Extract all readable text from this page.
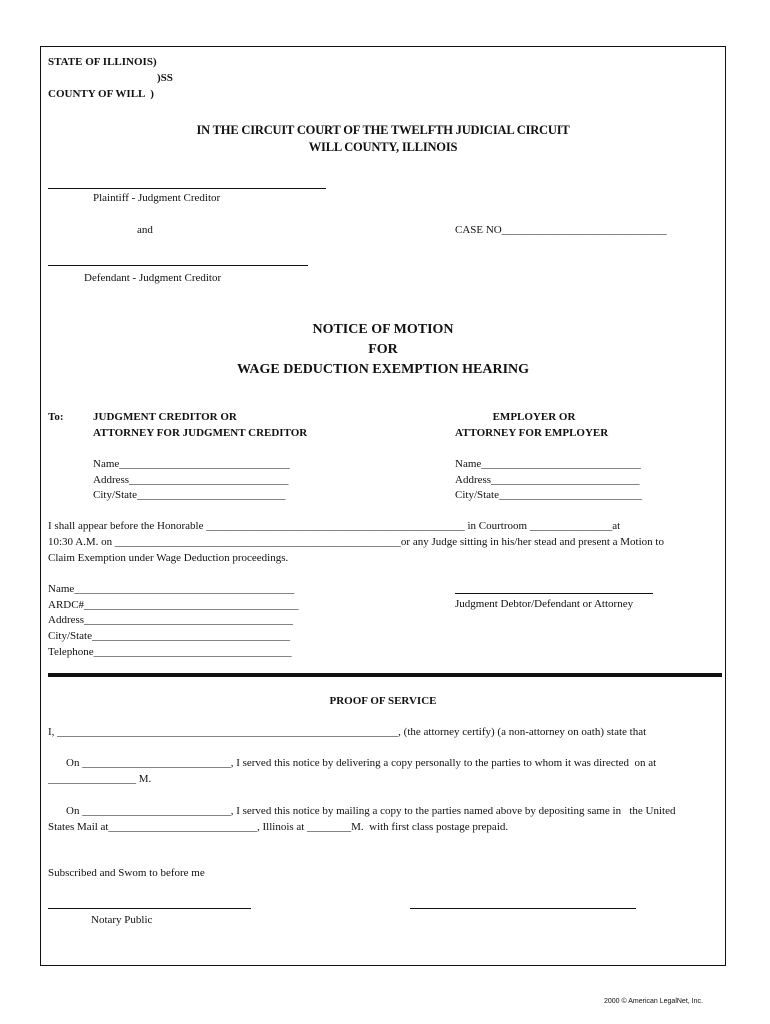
STATE OF ILLINOIS)
)SS
COUNTY OF WILL  )
IN THE CIRCUIT COURT OF THE TWELFTH JUDICIAL CIRCUIT
WILL COUNTY, ILLINOIS
Plaintiff - Judgment Creditor
and	CASE NO______________________________
Defendant - Judgment Creditor
NOTICE OF MOTION
FOR
WAGE DEDUCTION EXEMPTION HEARING
To:	JUDGMENT CREDITOR OR
ATTORNEY FOR JUDGMENT CREDITOR
EMPLOYER OR
ATTORNEY FOR EMPLOYER
Name_______________________________
Address_____________________________
City/State___________________________
Name_____________________________
Address___________________________
City/State__________________________
I shall appear before the Honorable _______________________________________________ in Courtroom _______________at
10:30 A.M. on ____________________________________________________or any Judge sitting in his/her stead and present a Motion to
Claim Exemption under Wage Deduction proceedings.
Name________________________________________
ARDC#_______________________________________
Address______________________________________
City/State____________________________________
Telephone____________________________________
Judgment Debtor/Defendant or Attorney
PROOF OF SERVICE
I, ______________________________________________________________, (the attorney certify) (a non-attorney on oath) state that
On ___________________________, I served this notice by delivering a copy personally to the parties to whom it was directed  on at
________________ M.
On ___________________________, I served this notice by mailing a copy to the parties named above by depositing same in   the United
States Mail at___________________________, Illinois at ________M.  with first class postage prepaid.
Subscribed and Swom to before me
Notary Public
2000 © American LegalNet, Inc.
